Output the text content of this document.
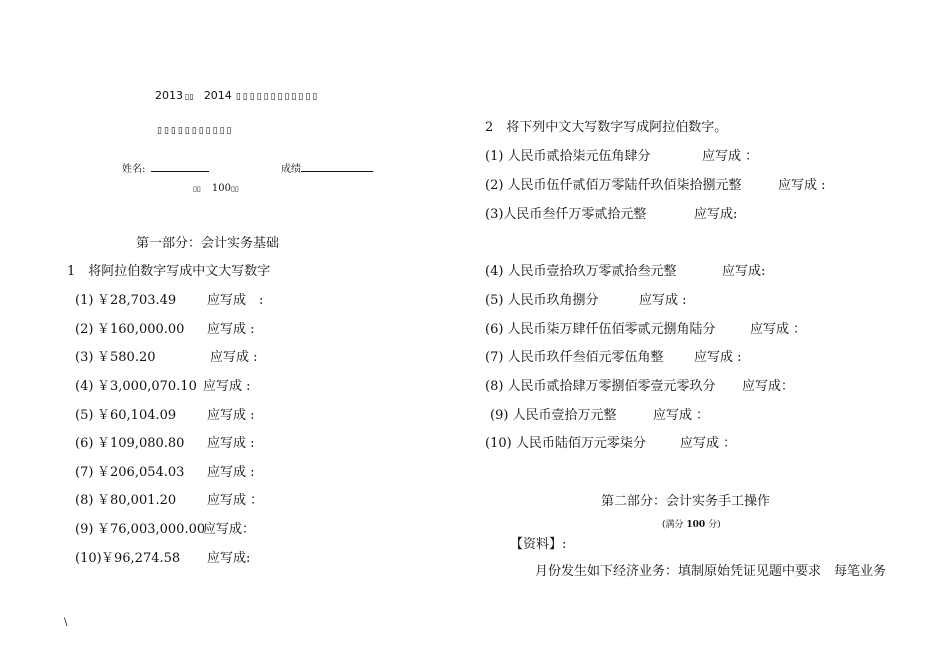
2013 ▯▯ 2014 ▯▯▯▯▯▯▯▯▯▯▯▯
▯▯▯▯▯▯▯▯▯▯▯
姓名:	成绩
▯▯ 100▯▯
第一部分：会计实务基础
1　将阿拉伯数字写成中文大写数字
(1) ￥28,703.49 应写成　:
(2) ￥160,000.00 应写成 :
(3) ￥580.20	应写成 :
(4) ￥3,000,070.10 应写成 :
(5) ￥60,104.09 应写成 :
(6) ￥109,080.80 应写成 :
(7) ￥206,054.03 应写成 :
(8) ￥80,001.20 应写成 ：
(9) ￥76,003,000.00应写成：
(10)￥96,274.58 应写成:
2　将下列中文大写数字写成阿拉伯数字。
(1) 人民币贰拾柒元伍角肆分	应写成 ：
(2) 人民币伍仟贰佰万零陆仟玖佰柒拾捌元整	应写成 :
(3)人民币叁仟万零贰拾元整	应写成:
(4) 人民币壹拾玖万零贰拾叁元整	应写成:
(5) 人民币玖角捌分	应写成 :
(6) 人民币柒万肆仟伍佰零贰元捌角陆分	应写成 ：
(7) 人民币玖仟叁佰元零伍角整 应写成 :
(8) 人民币贰拾肆万零捌佰零壹元零玖分 应写成：
(9) 人民币壹拾万元整	应写成 ：
(10) 人民币陆佰万元零柒分	应写成 ：
第二部分：会计实务手工操作
(满分 100 分)
【资料】:
月份发生如下经济业务：填制原始凭证见题中要求　每笔业务
\
